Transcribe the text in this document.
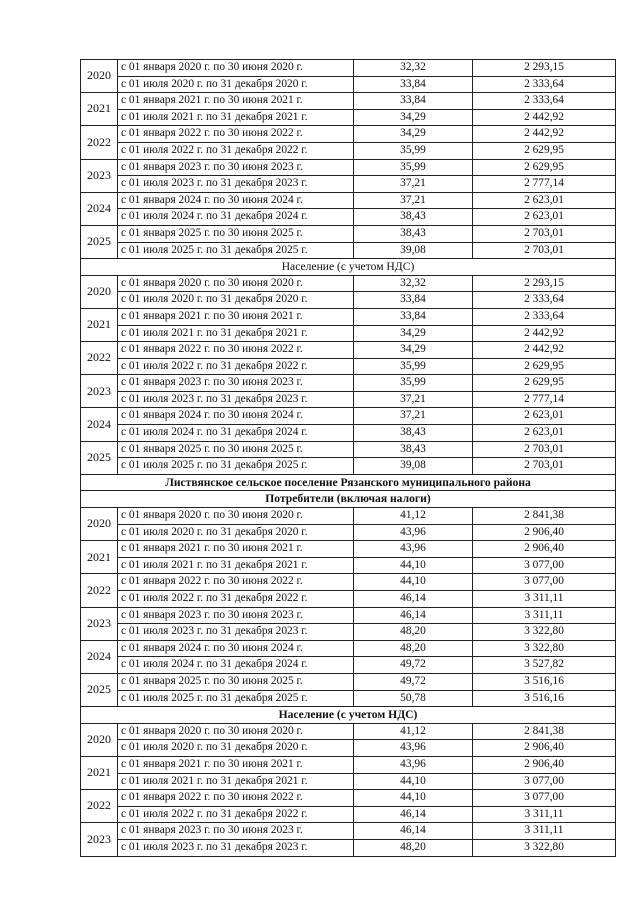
2020	с 01 января 2020 г. по 30 июня 2020 г.	32,32	2 293,15
	с 01 июля 2020 г. по 31 декабря 2020 г.	33,84	2 333,64
2021	с 01 января 2021 г. по 30 июня 2021 г.	33,84	2 333,64
	с 01 июля 2021 г. по 31 декабря 2021 г.	34,29	2 442,92
2022	с 01 января 2022 г. по 30 июня 2022 г.	34,29	2 442,92
	с 01 июля 2022 г. по 31 декабря 2022 г.	35,99	2 629,95
2023	с 01 января 2023 г. по 30 июня 2023 г.	35,99	2 629,95
	с 01 июля 2023 г. по 31 декабря 2023 г.	37,21	2 777,14
2024	с 01 января 2024 г. по 30 июня 2024 г.	37,21	2 623,01
	с 01 июля 2024 г. по 31 декабря 2024 г.	38,43	2 623,01
2025	с 01 января 2025 г. по 30 июня 2025 г.	38,43	2 703,01
	с 01 июля 2025 г. по 31 декабря 2025 г.	39,08	2 703,01
Население (с учетом НДС)			
2020	с 01 января 2020 г. по 30 июня 2020 г.	32,32	2 293,15
	с 01 июля 2020 г. по 31 декабря 2020 г.	33,84	2 333,64
2021	с 01 января 2021 г. по 30 июня 2021 г.	33,84	2 333,64
	с 01 июля 2021 г. по 31 декабря 2021 г.	34,29	2 442,92
2022	с 01 января 2022 г. по 30 июня 2022 г.	34,29	2 442,92
	с 01 июля 2022 г. по 31 декабря 2022 г.	35,99	2 629,95
2023	с 01 января 2023 г. по 30 июня 2023 г.	35,99	2 629,95
	с 01 июля 2023 г. по 31 декабря 2023 г.	37,21	2 777,14
2024	с 01 января 2024 г. по 30 июня 2024 г.	37,21	2 623,01
	с 01 июля 2024 г. по 31 декабря 2024 г.	38,43	2 623,01
2025	с 01 января 2025 г. по 30 июня 2025 г.	38,43	2 703,01
	с 01 июля 2025 г. по 31 декабря 2025 г.	39,08	2 703,01
Листвянское сельское поселение Рязанского муниципального района			
Потребители (включая налоги)			
2020	с 01 января 2020 г. по 30 июня 2020 г.	41,12	2 841,38
	с 01 июля 2020 г. по 31 декабря 2020 г.	43,96	2 906,40
2021	с 01 января 2021 г. по 30 июня 2021 г.	43,96	2 906,40
	с 01 июля 2021 г. по 31 декабря 2021 г.	44,10	3 077,00
2022	с 01 января 2022 г. по 30 июня 2022 г.	44,10	3 077,00
	с 01 июля 2022 г. по 31 декабря 2022 г.	46,14	3 311,11
2023	с 01 января 2023 г. по 30 июня 2023 г.	46,14	3 311,11
	с 01 июля 2023 г. по 31 декабря 2023 г.	48,20	3 322,80
2024	с 01 января 2024 г. по 30 июня 2024 г.	48,20	3 322,80
	с 01 июля 2024 г. по 31 декабря 2024 г.	49,72	3 527,82
2025	с 01 января 2025 г. по 30 июня 2025 г.	49,72	3 516,16
	с 01 июля 2025 г. по 31 декабря 2025 г.	50,78	3 516,16
Население (с учетом НДС)			
2020	с 01 января 2020 г. по 30 июня 2020 г.	41,12	2 841,38
	с 01 июля 2020 г. по 31 декабря 2020 г.	43,96	2 906,40
2021	с 01 января 2021 г. по 30 июня 2021 г.	43,96	2 906,40
	с 01 июля 2021 г. по 31 декабря 2021 г.	44,10	3 077,00
2022	с 01 января 2022 г. по 30 июня 2022 г.	44,10	3 077,00
	с 01 июля 2022 г. по 31 декабря 2022 г.	46,14	3 311,11
2023	с 01 января 2023 г. по 30 июня 2023 г.	46,14	3 311,11
	с 01 июля 2023 г. по 31 декабря 2023 г.	48,20	3 322,80
